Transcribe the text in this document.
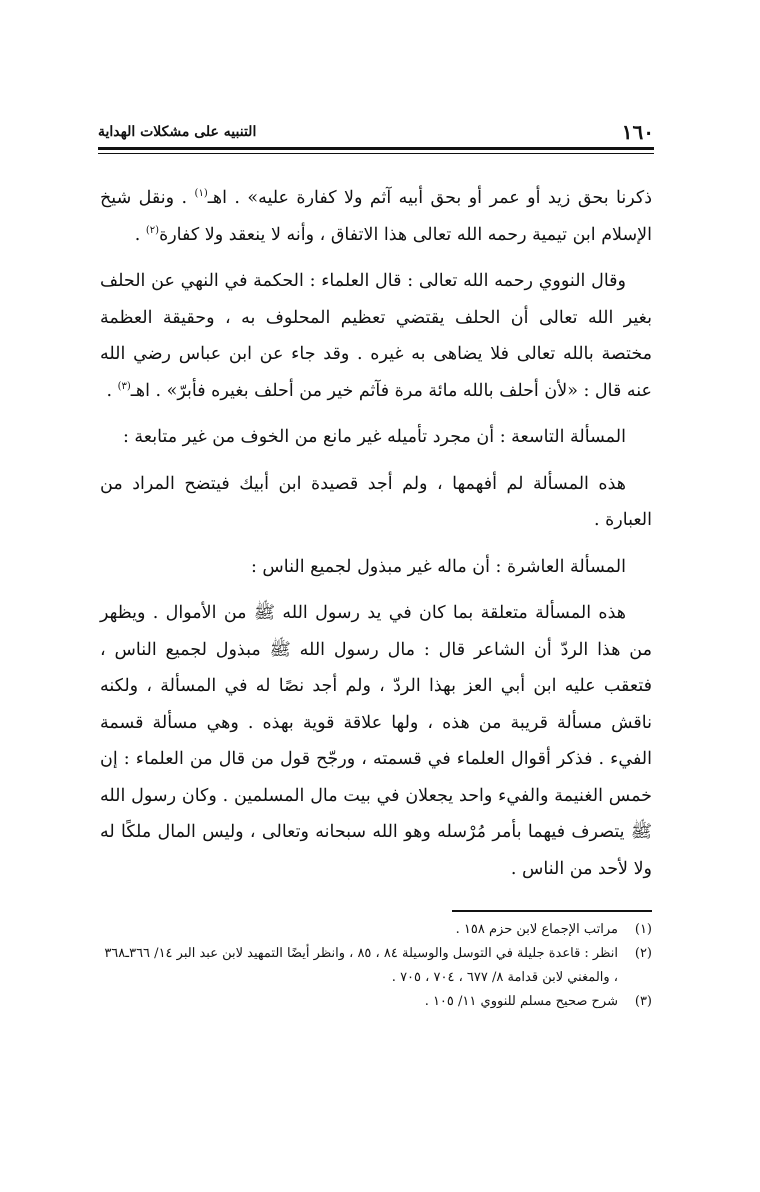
١٦٠
التنبيه على مشكلات الهداية

ذكرنا بحق زيد أو عمر أو بحق أبيه آثم ولا كفارة عليه» . اهـ$^{(١)}$ . ونقل شيخ الإسلام ابن تيمية رحمه الله تعالى هذا الاتفاق ، وأنه لا ينعقد ولا كفارة$^{(٢)}$ .

وقال النووي رحمه الله تعالى : قال العلماء : الحكمة في النهي عن الحلف بغير الله تعالى أن الحلف يقتضي تعظيم المحلوف به ، وحقيقة العظمة مختصة بالله تعالى فلا يضاهى به غيره . وقد جاء عن ابن عباس رضي الله عنه قال : «لأن أحلف بالله مائة مرة فآثم خير من أحلف بغيره فأبرّ» . اهـ$^{(٣)}$ .

المسألة التاسعة : أن مجرد تأميله غير مانع من الخوف من غير متابعة :

هذه المسألة لم أفهمها ، ولم أجد قصيدة ابن أبيك فيتضح المراد من العبارة .

المسألة العاشرة : أن ماله غير مبذول لجميع الناس :

هذه المسألة متعلقة بما كان في يد رسول الله ﷺ من الأموال . ويظهر من هذا الردّ أن الشاعر قال : مال رسول الله ﷺ مبذول لجميع الناس ، فتعقب عليه ابن أبي العز بهذا الردّ ، ولم أجد نصًا له في المسألة ، ولكنه ناقش مسألة قريبة من هذه ، ولها علاقة قوية بهذه . وهي مسألة قسمة الفيء . فذكر أقوال العلماء في قسمته ، ورجّح قول من قال من العلماء : إن خمس الغنيمة والفيء واحد يجعلان في بيت مال المسلمين . وكان رسول الله ﷺ يتصرف فيهما بأمر مُرْسله وهو الله سبحانه وتعالى ، وليس المال ملكًا له ولا لأحد من الناس .

(١)مراتب الإجماع لابن حزم ١٥٨ .

(٢)انظر : قاعدة جليلة في التوسل والوسيلة ٨٤ ، ٨٥ ، وانظر أيضًا التمهيد لابن عبد البر ١٤/ ٣٦٦ـ٣٦٨ ، والمغني لابن قدامة ٨/ ٦٧٧ ، ٧٠٤ ، ٧٠٥ .

(٣)شرح صحيح مسلم للنووي ١١/ ١٠٥ .
